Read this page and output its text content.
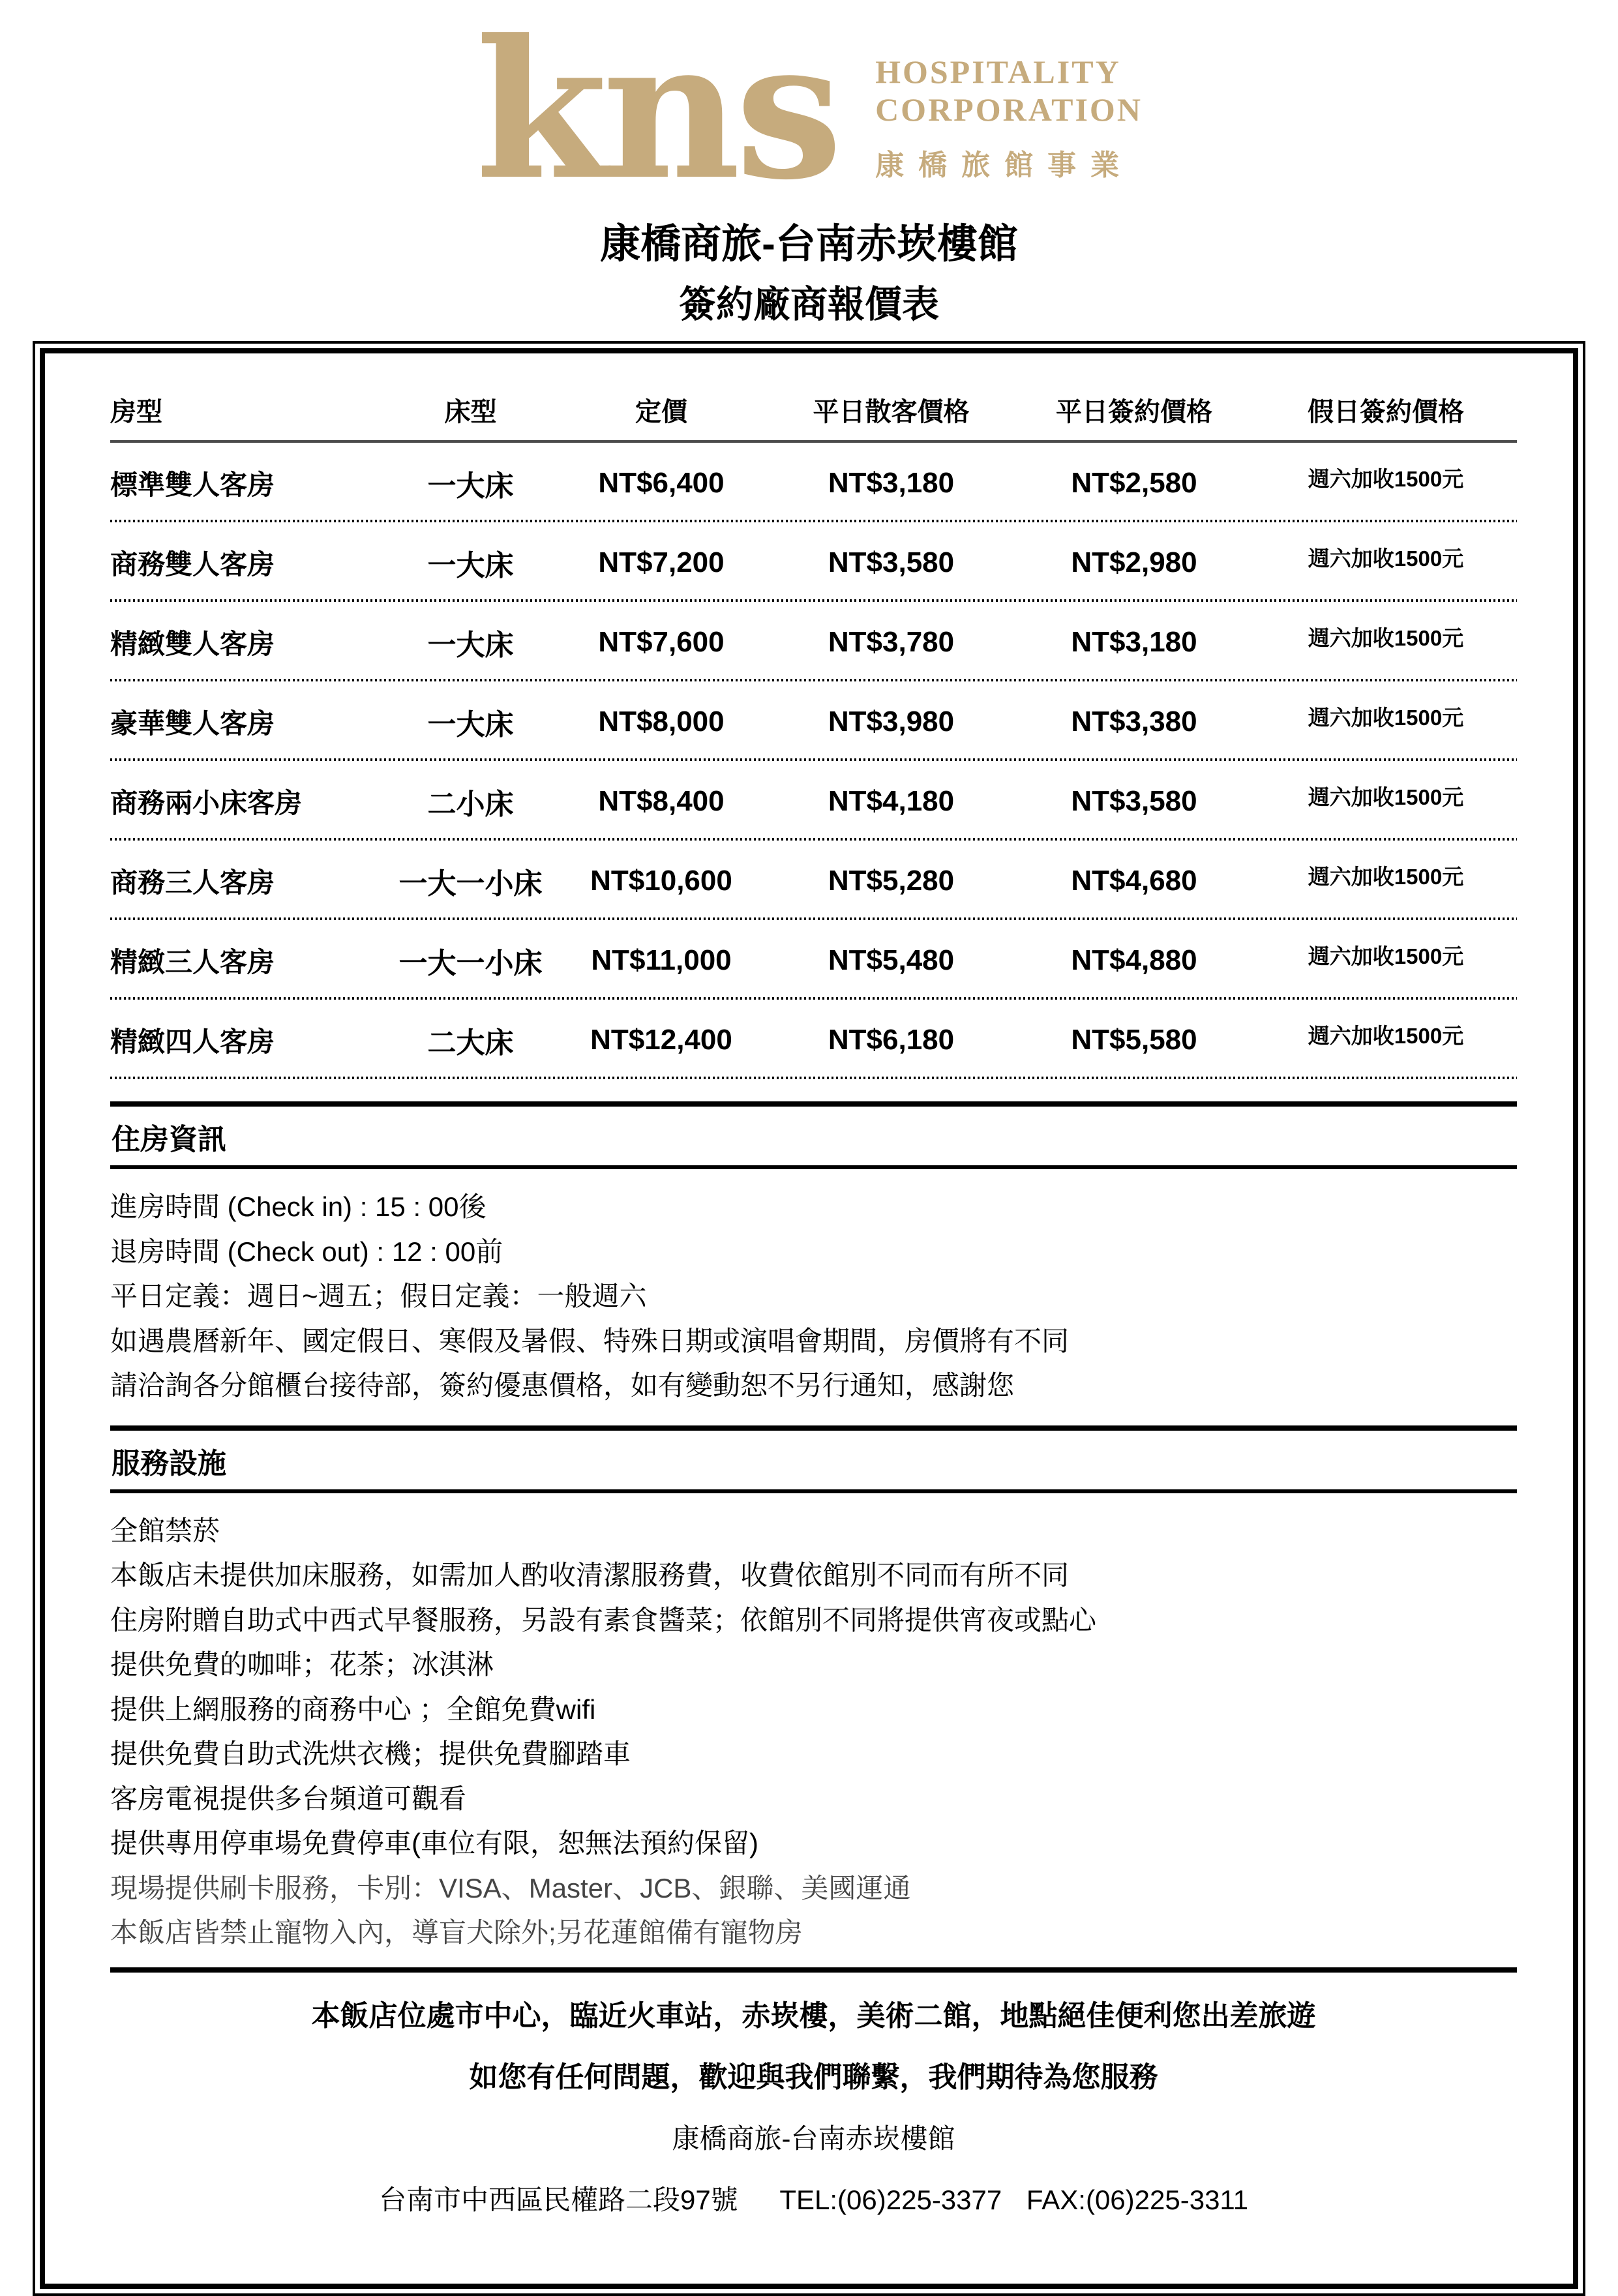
kns HOSPITALITY
CORPORATION
康橋旅館事業
康橋商旅-台南赤崁樓館
簽約廠商報價表
房型	床型	定價	平日散客價格	平日簽約價格	假日簽約價格
標準雙人客房	一大床	NT$6,400	NT$3,180	NT$2,580	週六加收1500元
商務雙人客房	一大床	NT$7,200	NT$3,580	NT$2,980	週六加收1500元
精緻雙人客房	一大床	NT$7,600	NT$3,780	NT$3,180	週六加收1500元
豪華雙人客房	一大床	NT$8,000	NT$3,980	NT$3,380	週六加收1500元
商務兩小床客房	二小床	NT$8,400	NT$4,180	NT$3,580	週六加收1500元
商務三人客房	一大一小床	NT$10,600	NT$5,280	NT$4,680	週六加收1500元
精緻三人客房	一大一小床	NT$11,000	NT$5,480	NT$4,880	週六加收1500元
精緻四人客房	二大床	NT$12,400	NT$6,180	NT$5,580	週六加收1500元
住房資訊
進房時間 (Check in) : 15 : 00後
退房時間 (Check out) : 12 : 00前
平日定義：週日~週五；假日定義：一般週六
如遇農曆新年、國定假日、寒假及暑假、特殊日期或演唱會期間，房價將有不同
請洽詢各分館櫃台接待部，簽約優惠價格，如有變動恕不另行通知，感謝您
服務設施
全館禁菸
本飯店未提供加床服務，如需加人酌收清潔服務費，收費依館別不同而有所不同
住房附贈自助式中西式早餐服務，另設有素食醬菜；依館別不同將提供宵夜或點心
提供免費的咖啡；花茶；冰淇淋
提供上網服務的商務中心 ；全館免費wifi
提供免費自助式洗烘衣機；提供免費腳踏車
客房電視提供多台頻道可觀看
提供專用停車場免費停車(車位有限，恕無法預約保留)
現場提供刷卡服務，卡別：VISA、Master、JCB、銀聯、美國運通
本飯店皆禁止寵物入內，導盲犬除外;另花蓮館備有寵物房
本飯店位處市中心，臨近火車站，赤崁樓，美術二館，地點絕佳便利您出差旅遊
如您有任何問題，歡迎與我們聯繫，我們期待為您服務
康橋商旅-台南赤崁樓館
台南市中西區民權路二段97號 TEL:(06)225-3377 FAX:(06)225-3311
